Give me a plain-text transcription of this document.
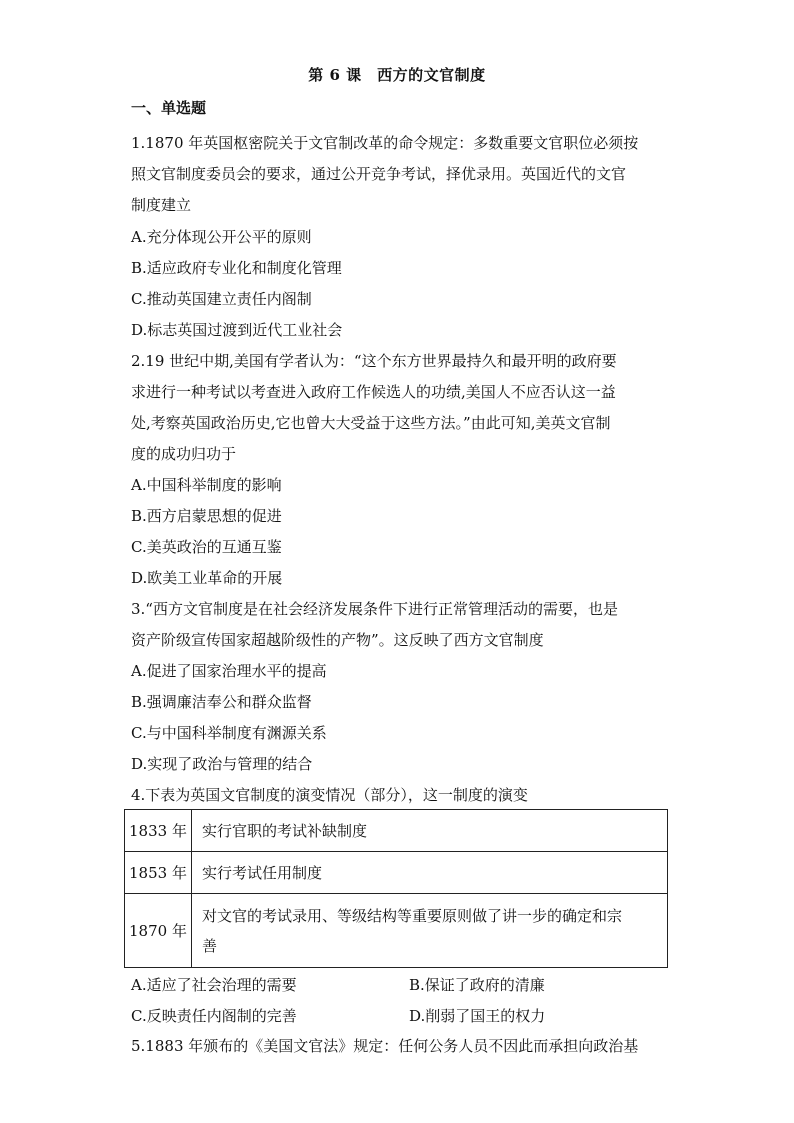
第 6 课　西方的文官制度
一、单选题
1.1870 年英国枢密院关于文官制改革的命令规定：多数重要文官职位必须按
照文官制度委员会的要求，通过公开竞争考试，择优录用。英国近代的文官
制度建立
A.充分体现公开公平的原则
B.适应政府专业化和制度化管理
C.推动英国建立责任内阁制
D.标志英国过渡到近代工业社会
2.19 世纪中期,美国有学者认为：“这个东方世界最持久和最开明的政府要
求进行一种考试以考查进入政府工作候选人的功绩,美国人不应否认这一益
处,考察英国政治历史,它也曾大大受益于这些方法。”由此可知,美英文官制
度的成功归功于
A.中国科举制度的影响
B.西方启蒙思想的促进
C.美英政治的互通互鉴
D.欧美工业革命的开展
3.“西方文官制度是在社会经济发展条件下进行正常管理活动的需要，也是
资产阶级宣传国家超越阶级性的产物”。这反映了西方文官制度
A.促进了国家治理水平的提高
B.强调廉洁奉公和群众监督
C.与中国科举制度有渊源关系
D.实现了政治与管理的结合
4.下表为英国文官制度的演变情况（部分），这一制度的演变
1833 年	实行官职的考试补缺制度
1853 年	实行考试任用制度
1870 年	对文官的考试录用、等级结构等重要原则做了讲一步的确定和宗
善
A.适应了社会治理的需要	B.保证了政府的清廉
C.反映责任内阁制的完善	D.削弱了国王的权力
5.1883 年颁布的《美国文官法》规定：任何公务人员不因此而承担向政治基
